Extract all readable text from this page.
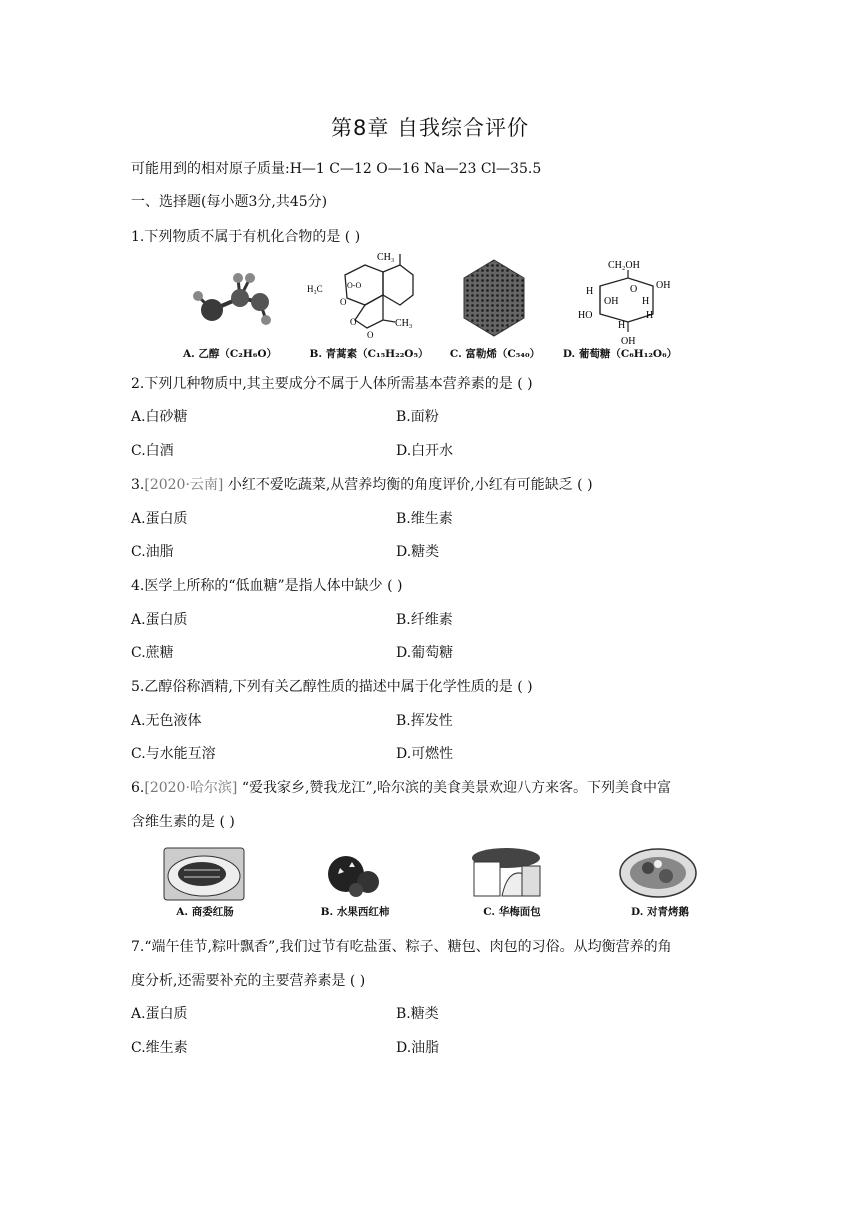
第8章 自我综合评价
可能用到的相对原子质量:H—1 C—12 O—16 Na—23 Cl—35.5
一、选择题(每小题3分,共45分)
1.下列物质不属于有机化合物的是 ( )
CH₃
H₃C	O-O
O
O
O
CH₃
CH₂OH
O OH
H
OH H
HO	H
H
OH
A. 乙醇（C₂H₆O）	B. 青蒿素（C₁₅H₂₂O₅） C. 富勒烯（C₅₄₀） D. 葡萄糖（C₆H₁₂O₆）
2.下列几种物质中,其主要成分不属于人体所需基本营养素的是 ( )
A.白砂糖	B.面粉
C.白酒	D.白开水
3.[2020·云南] 小红不爱吃蔬菜,从营养均衡的角度评价,小红有可能缺乏 ( )
A.蛋白质	B.维生素
C.油脂	D.糖类
4.医学上所称的“低血糖”是指人体中缺少 ( )
A.蛋白质	B.纤维素
C.蔗糖	D.葡萄糖
5.乙醇俗称酒精,下列有关乙醇性质的描述中属于化学性质的是 ( )
A.无色液体	B.挥发性
C.与水能互溶	D.可燃性
6.[2020·哈尔滨] “爱我家乡,赞我龙江”,哈尔滨的美食美景欢迎八方来客。下列美食中富
含维生素的是 ( )
A. 商委红肠	B. 水果西红柿	C. 华梅面包	D. 对青烤鹅
7.“端午佳节,粽叶飘香”,我们过节有吃盐蛋、粽子、糖包、肉包的习俗。从均衡营养的角
度分析,还需要补充的主要营养素是 ( )
A.蛋白质	B.糖类
C.维生素	D.油脂
